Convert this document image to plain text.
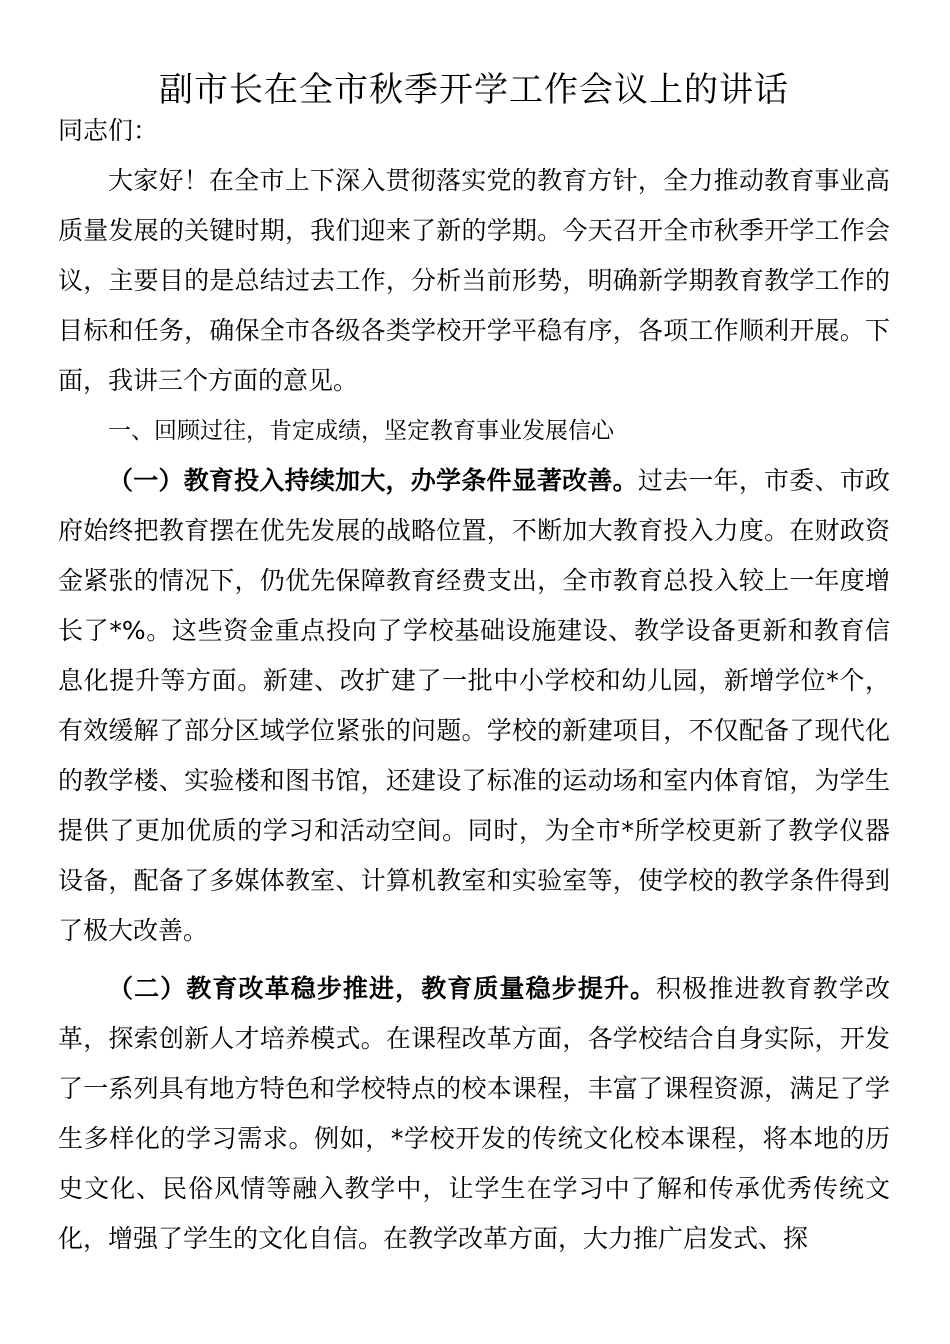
副市长在全市秋季开学工作会议上的讲话

同志们：

大家好！在全市上下深入贯彻落实党的教育方针，全力推动教育事业高质量发展的关键时期，我们迎来了新的学期。今天召开全市秋季开学工作会议，主要目的是总结过去工作，分析当前形势，明确新学期教育教学工作的目标和任务，确保全市各级各类学校开学平稳有序，各项工作顺利开展。下面，我讲三个方面的意见。

一、回顾过往，肯定成绩，坚定教育事业发展信心

（一）教育投入持续加大，办学条件显著改善。过去一年，市委、市政府始终把教育摆在优先发展的战略位置，不断加大教育投入力度。在财政资金紧张的情况下，仍优先保障教育经费支出，全市教育总投入较上一年度增长了*%。这些资金重点投向了学校基础设施建设、教学设备更新和教育信息化提升等方面。新建、改扩建了一批中小学校和幼儿园，新增学位*个，有效缓解了部分区域学位紧张的问题。学校的新建项目，不仅配备了现代化的教学楼、实验楼和图书馆，还建设了标准的运动场和室内体育馆，为学生提供了更加优质的学习和活动空间。同时，为全市*所学校更新了教学仪器设备，配备了多媒体教室、计算机教室和实验室等，使学校的教学条件得到了极大改善。

（二）教育改革稳步推进，教育质量稳步提升。积极推进教育教学改革，探索创新人才培养模式。在课程改革方面，各学校结合自身实际，开发了一系列具有地方特色和学校特点的校本课程，丰富了课程资源，满足了学生多样化的学习需求。例如，*学校开发的传统文化校本课程，将本地的历史文化、民俗风情等融入教学中，让学生在学习中了解和传承优秀传统文化，增强了学生的文化自信。在教学改革方面，大力推广启发式、探
